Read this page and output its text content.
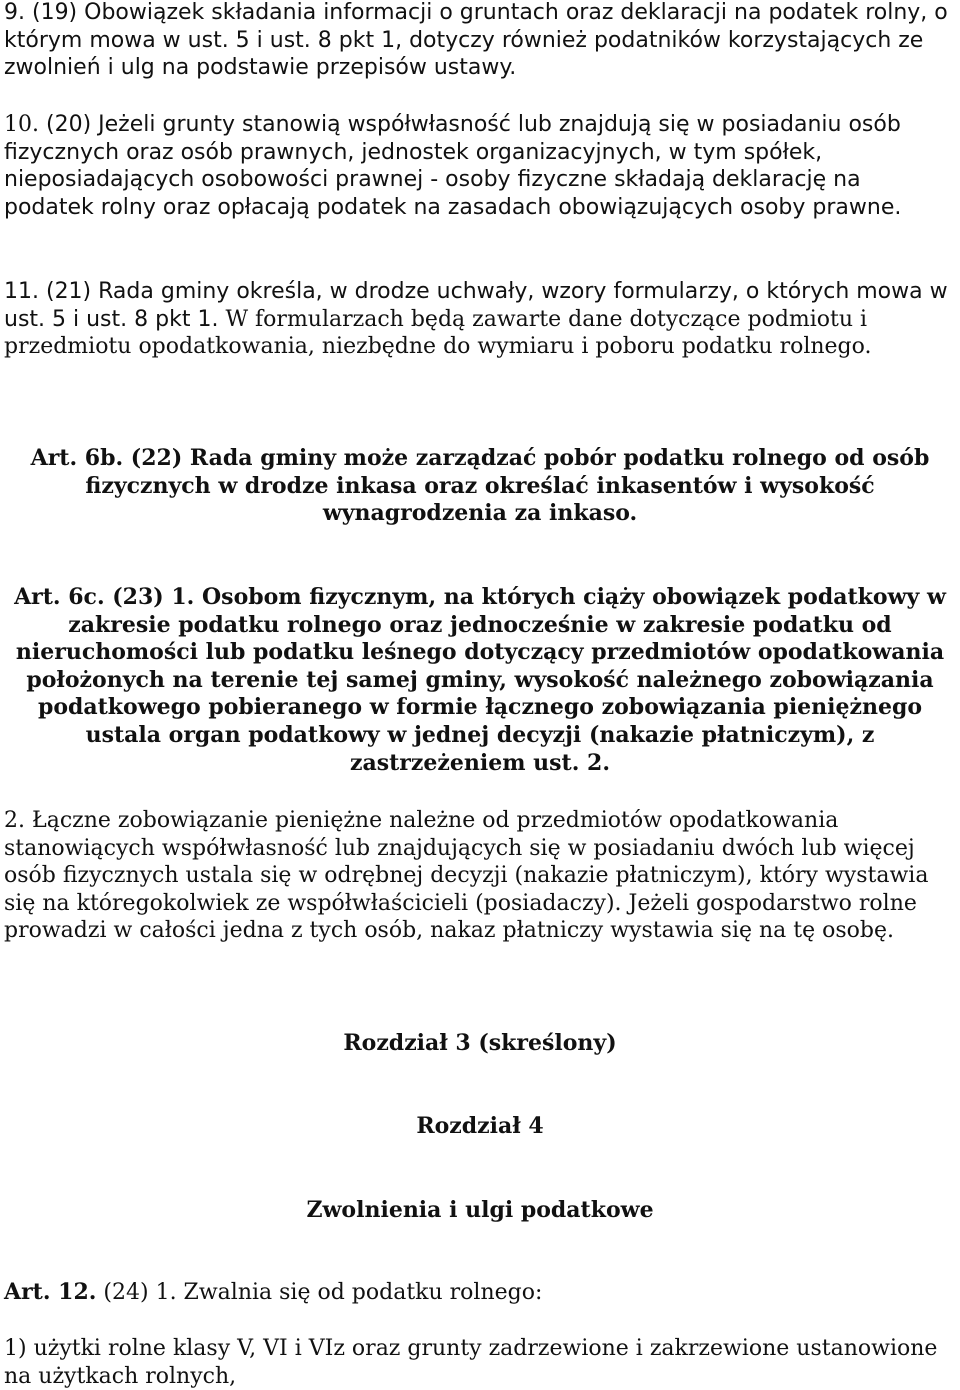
9. (19) Obowiązek składania informacji o gruntach oraz deklaracji na podatek rolny, o którym mowa w ust. 5 i ust. 8 pkt 1, dotyczy również podatników korzystających ze zwolnień i ulg na podstawie przepisów ustawy.

10. (20) Jeżeli grunty stanowią współwłasność lub znajdują się w posiadaniu osób fizycznych oraz osób prawnych, jednostek organizacyjnych, w tym spółek, nieposiadających osobowości prawnej - osoby fizyczne składają deklarację na podatek rolny oraz opłacają podatek na zasadach obowiązujących osoby prawne.

11. (21) Rada gminy określa, w drodze uchwały, wzory formularzy, o których mowa w ust. 5 i ust. 8 pkt 1. W formularzach będą zawarte dane dotyczące podmiotu i przedmiotu opodatkowania, niezbędne do wymiaru i poboru podatku rolnego.

Art. 6b. (22) Rada gminy może zarządzać pobór podatku rolnego od osób fizycznych w drodze inkasa oraz określać inkasentów i wysokość wynagrodzenia za inkaso.

Art. 6c. (23) 1. Osobom fizycznym, na których ciąży obowiązek podatkowy w zakresie podatku rolnego oraz jednocześnie w zakresie podatku od nieruchomości lub podatku leśnego dotyczący przedmiotów opodatkowania położonych na terenie tej samej gminy, wysokość należnego zobowiązania podatkowego pobieranego w formie łącznego zobowiązania pieniężnego ustala organ podatkowy w jednej decyzji (nakazie płatniczym), z zastrzeżeniem ust. 2.

2. Łączne zobowiązanie pieniężne należne od przedmiotów opodatkowania stanowiących współwłasność lub znajdujących się w posiadaniu dwóch lub więcej osób fizycznych ustala się w odrębnej decyzji (nakazie płatniczym), który wystawia się na któregokolwiek ze współwłaścicieli (posiadaczy). Jeżeli gospodarstwo rolne prowadzi w całości jedna z tych osób, nakaz płatniczy wystawia się na tę osobę.

Rozdział 3 (skreślony)

Rozdział 4

Zwolnienia i ulgi podatkowe

Art. 12. (24) 1. Zwalnia się od podatku rolnego:

1) użytki rolne klasy V, VI i VIz oraz grunty zadrzewione i zakrzewione ustanowione na użytkach rolnych,
